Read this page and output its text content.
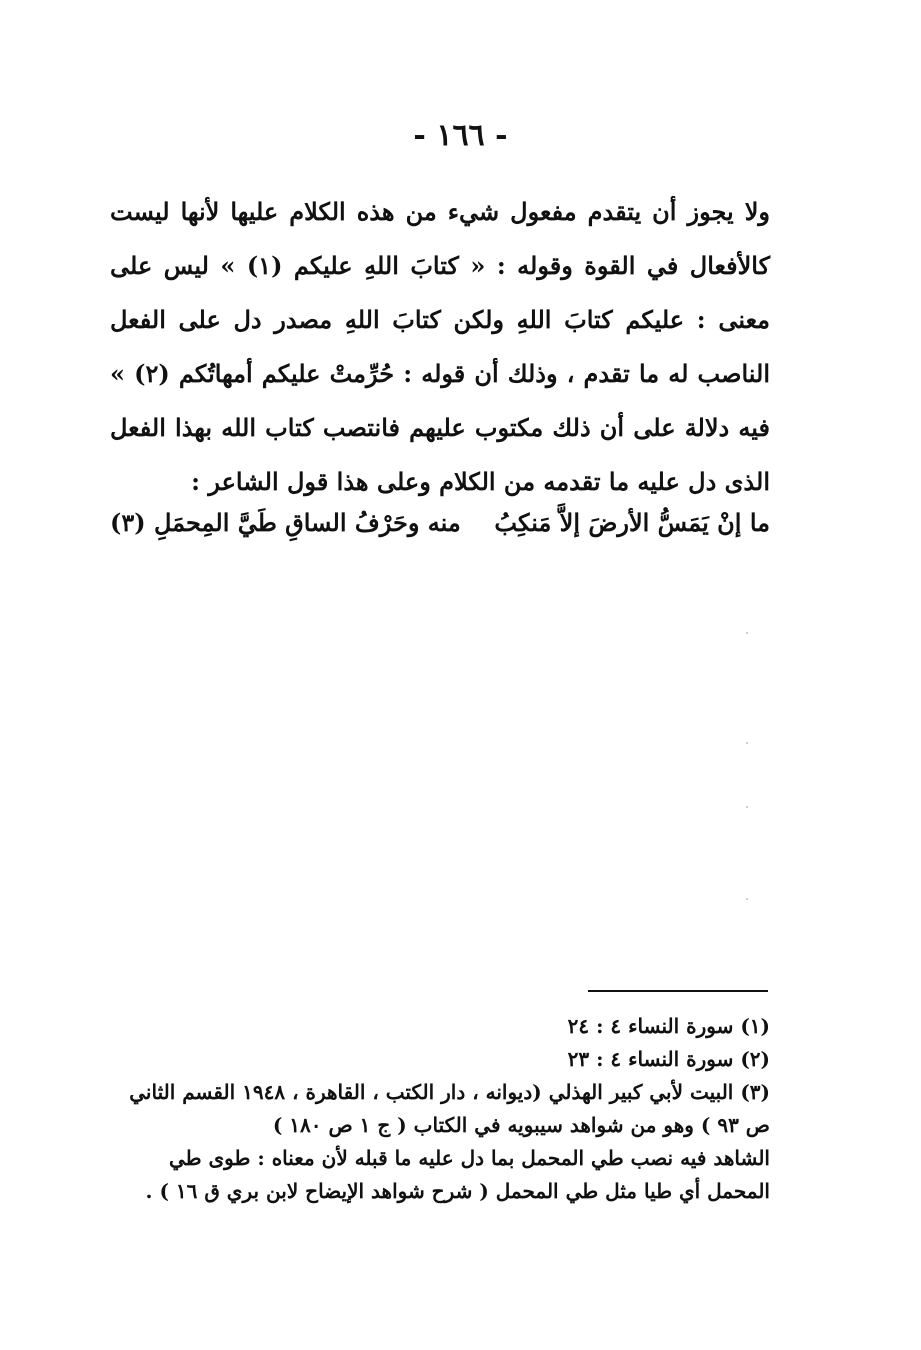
- ١٦٦ -

ولا يجوز أن يتقدم مفعول شيء من هذه الكلام عليها لأنها ليست كالأفعال في القوة وقوله : « كتابَ اللهِ عليكم (١) » ليس على معنى : عليكم كتابَ اللهِ ولكن كتابَ اللهِ مصدر دل على الفعل الناصب له ما تقدم ، وذلك أن قوله : حُرِّمتْ عليكم أمهاتُكم (٢) » فيه دلالة على أن ذلك مكتوب عليهم فانتصب كتاب الله بهذا الفعل الذى دل عليه ما تقدمه من الكلام وعلى هذا قول الشاعر :

ما إنْ يَمَسُّ الأرضَ إلاَّ مَنكِبُ
منه وحَرْفُ الساقِ طَيَّ المِحمَلِ (٣)

(١) سورة النساء ٤ : ٢٤

(٢) سورة النساء ٤ : ٢٣

(٣) البيت لأبي كبير الهذلي (ديوانه ، دار الكتب ، القاهرة ، ١٩٤٨ القسم الثاني ص ٩٣ ) وهو من شواهد سيبويه في الكتاب ( ج ١ ص ١٨٠ )

الشاهد فيه نصب طي المحمل بما دل عليه ما قبله لأن معناه : طوى طي المحمل أي طيا مثل طي المحمل ( شرح شواهد الإيضاح لابن بري ق ١٦ ) .
